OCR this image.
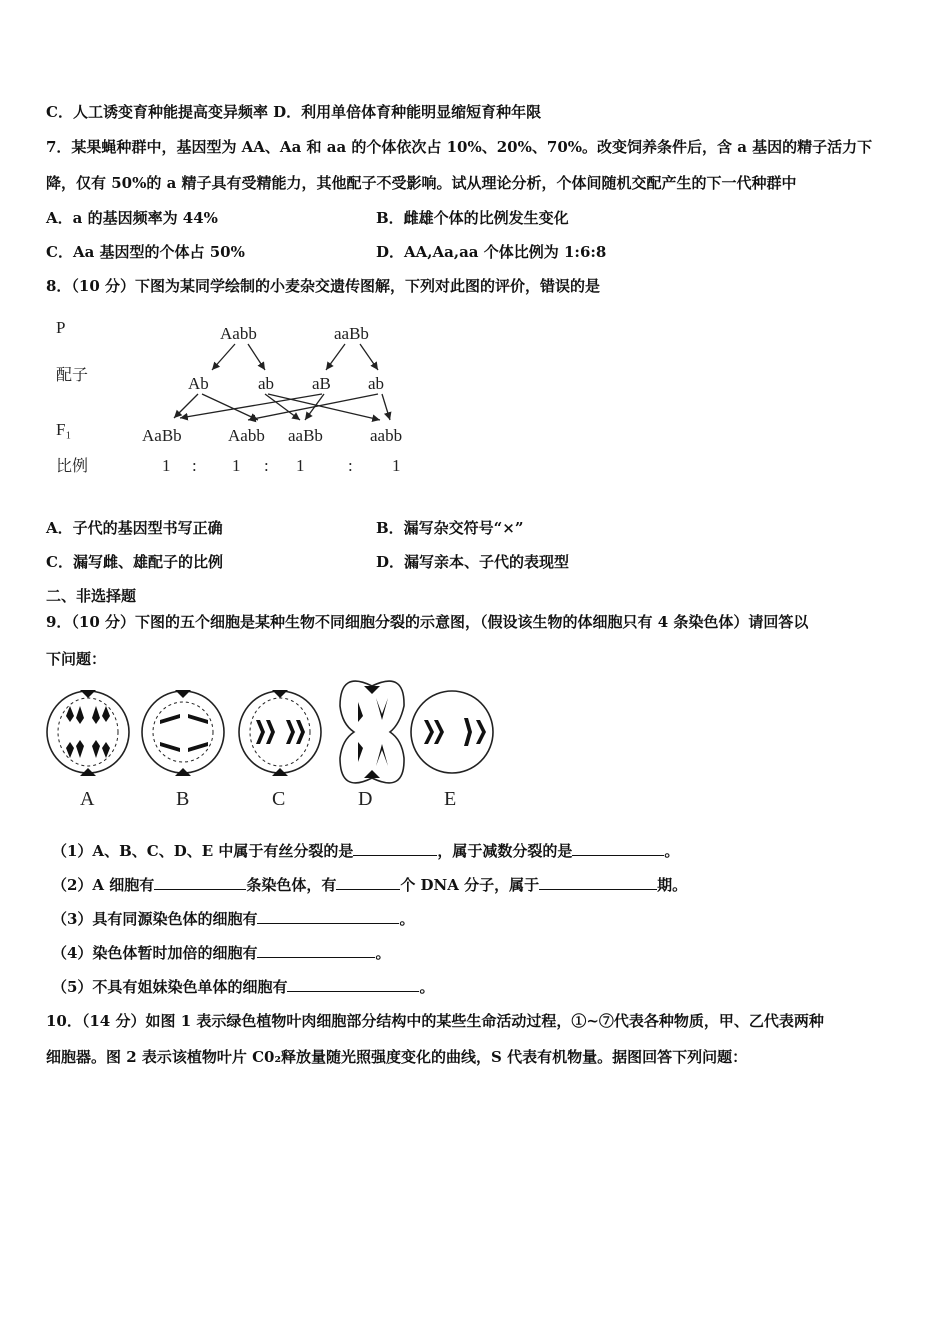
C．人工诱变育种能提高变异频率 D．利用单倍体育种能明显缩短育种年限
7．某果蝇种群中，基因型为 AA、Aa 和 aa 的个体依次占 10%、20%、70%。改变饲养条件后，含 a 基因的精子活力下
降，仅有 50%的 a 精子具有受精能力，其他配子不受影响。试从理论分析，个体间随机交配产生的下一代种群中
A．a 的基因频率为 44%	B．雌雄个体的比例发生变化
C．Aa 基因型的个体占 50%	D．AA,Aa,aa 个体比例为 1:6:8
8．（10 分）下图为某同学绘制的小麦杂交遗传图解，下列对此图的评价，错误的是
P
配子
F₁
比例
Aabb	aaBb
Ab	ab aB ab
AaBb	Aabb aaBb	aabb
1 : 1 : 1	: 1
A．子代的基因型书写正确	B．漏写杂交符号“×”
C．漏写雌、雄配子的比例	D．漏写亲本、子代的表现型
二、非选择题
9．（10 分）下图的五个细胞是某种生物不同细胞分裂的示意图，（假设该生物的体细胞只有 4 条染色体）请回答以
下问题：
A	B	C	D	E
（1）A、B、C、D、E 中属于有丝分裂的是	，属于减数分裂的是	。
（2）A 细胞有	条染色体，有	个 DNA 分子，属于	期。
（3）具有同源染色体的细胞有	。
（4）染色体暂时加倍的细胞有	。
（5）不具有姐妹染色单体的细胞有	。
10．（14 分）如图 1 表示绿色植物叶肉细胞部分结构中的某些生命活动过程，①~⑦代表各种物质，甲、乙代表两种
细胞器。图 2 表示该植物叶片 C0₂释放量随光照强度变化的曲线，S 代表有机物量。据图回答下列问题：
